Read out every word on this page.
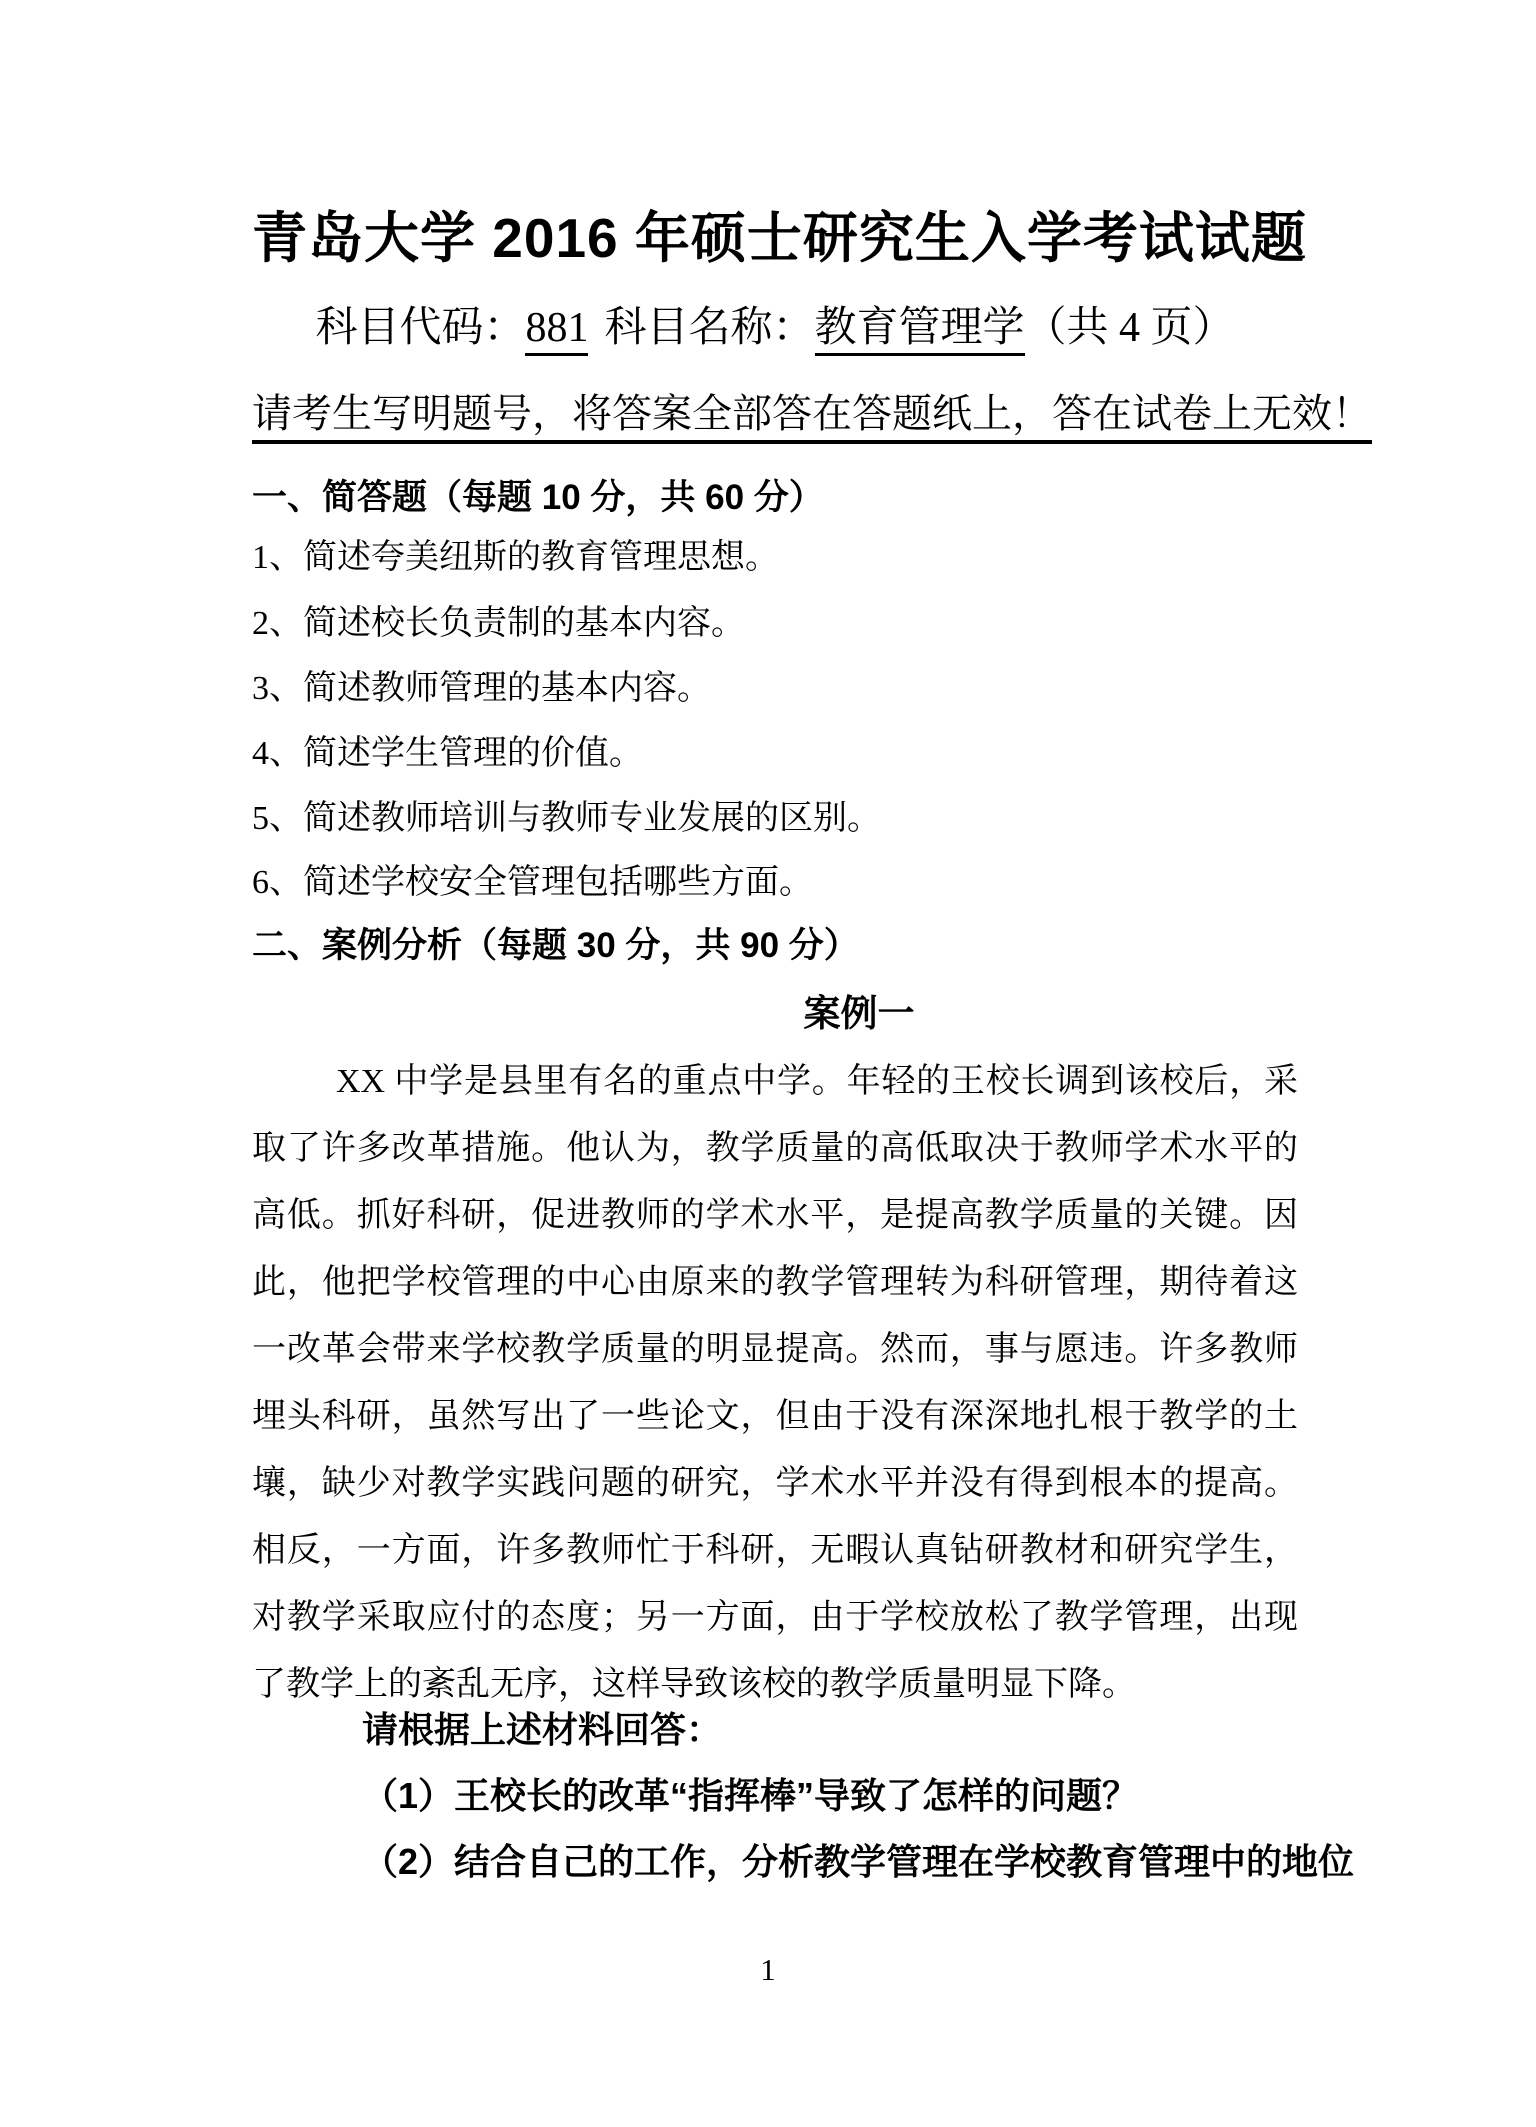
青岛大学 2016 年硕士研究生入学考试试题
科目代码：881 科目名称：教育管理学（共 4 页）
请考生写明题号，将答案全部答在答题纸上，答在试卷上无效！
一、简答题（每题 10 分，共 60 分）

1、简述夸美纽斯的教育管理思想。

2、简述校长负责制的基本内容。

3、简述教师管理的基本内容。

4、简述学生管理的价值。

5、简述教师培训与教师专业发展的区别。

6、简述学校安全管理包括哪些方面。

二、案例分析（每题 30 分，共 90 分）
案例一

XX 中学是县里有名的重点中学。年轻的王校长调到该校后，采取了许多改革措施。他认为，教学质量的高低取决于教师学术水平的高低。抓好科研，促进教师的学术水平，是提高教学质量的关键。因此，他把学校管理的中心由原来的教学管理转为科研管理，期待着这一改革会带来学校教学质量的明显提高。然而，事与愿违。许多教师埋头科研，虽然写出了一些论文，但由于没有深深地扎根于教学的土壤，缺少对教学实践问题的研究，学术水平并没有得到根本的提高。相反，一方面，许多教师忙于科研，无暇认真钻研教材和研究学生，对教学采取应付的态度；另一方面，由于学校放松了教学管理，出现了教学上的紊乱无序，这样导致该校的教学质量明显下降。

请根据上述材料回答：

（1）王校长的改革“指挥棒”导致了怎样的问题？

（2）结合自己的工作，分析教学管理在学校教育管理中的地位

1
